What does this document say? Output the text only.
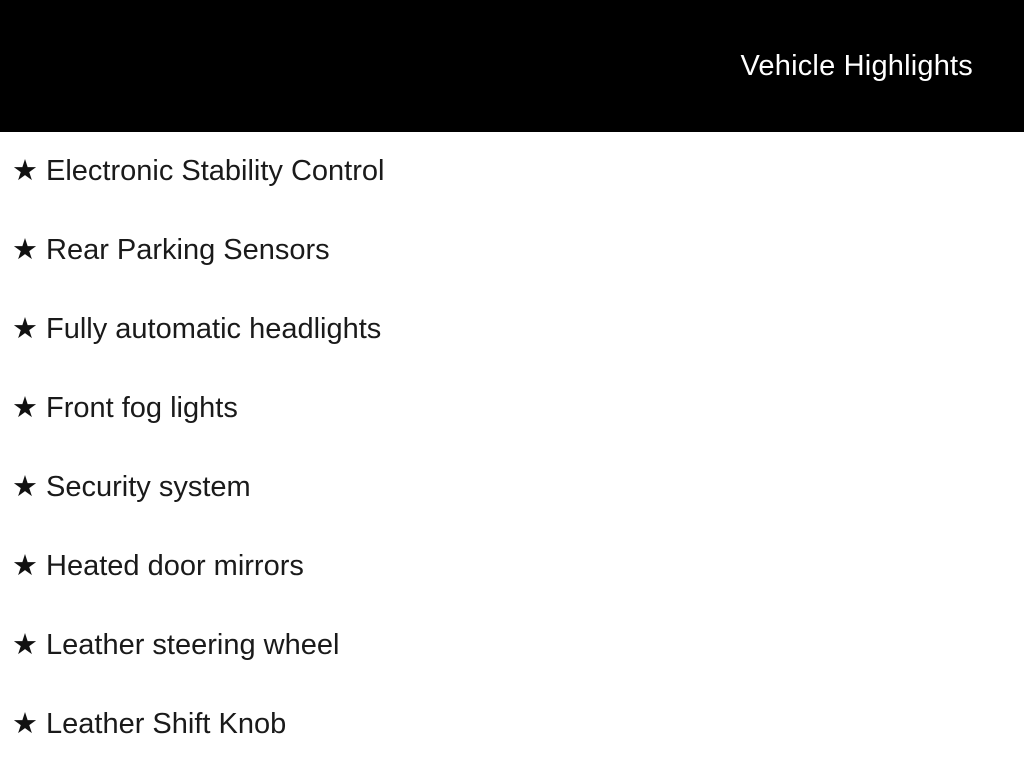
Vehicle Highlights
★ Electronic Stability Control
★ Rear Parking Sensors
★ Fully automatic headlights
★ Front fog lights
★ Security system
★ Heated door mirrors
★ Leather steering wheel
★ Leather Shift Knob
